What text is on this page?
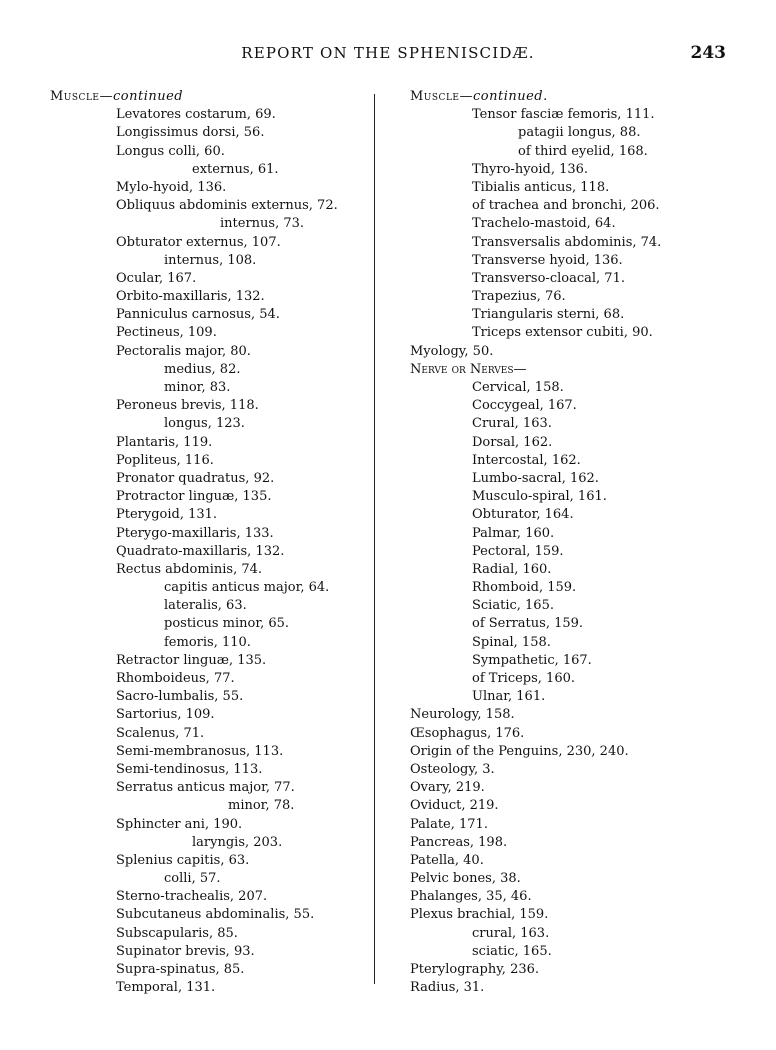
REPORT ON THE SPHENISCIDÆ.	243
Muscle—continued
Levatores costarum, 69.
Longissimus dorsi, 56.
Longus colli, 60.
externus, 61.
Mylo-hyoid, 136.
Obliquus abdominis externus, 72.
internus, 73.
Obturator externus, 107.
internus, 108.
Ocular, 167.
Orbito-maxillaris, 132.
Panniculus carnosus, 54.
Pectineus, 109.
Pectoralis major, 80.
medius, 82.
minor, 83.
Peroneus brevis, 118.
longus, 123.
Plantaris, 119.
Popliteus, 116.
Pronator quadratus, 92.
Protractor linguæ, 135.
Pterygoid, 131.
Pterygo-maxillaris, 133.
Quadrato-maxillaris, 132.
Rectus abdominis, 74.
capitis anticus major, 64.
lateralis, 63.
posticus minor, 65.
femoris, 110.
Retractor linguæ, 135.
Rhomboideus, 77.
Sacro-lumbalis, 55.
Sartorius, 109.
Scalenus, 71.
Semi-membranosus, 113.
Semi-tendinosus, 113.
Serratus anticus major, 77.
minor, 78.
Sphincter ani, 190.
laryngis, 203.
Splenius capitis, 63.
colli, 57.
Sterno-trachealis, 207.
Subcutaneus abdominalis, 55.
Subscapularis, 85.
Supinator brevis, 93.
Supra-spinatus, 85.
Temporal, 131.
Muscle—continued.
Tensor fasciæ femoris, 111.
patagii longus, 88.
of third eyelid, 168.
Thyro-hyoid, 136.
Tibialis anticus, 118.
of trachea and bronchi, 206.
Trachelo-mastoid, 64.
Transversalis abdominis, 74.
Transverse hyoid, 136.
Transverso-cloacal, 71.
Trapezius, 76.
Triangularis sterni, 68.
Triceps extensor cubiti, 90.
Myology, 50.
Nerve or Nerves—
Cervical, 158.
Coccygeal, 167.
Crural, 163.
Dorsal, 162.
Intercostal, 162.
Lumbo-sacral, 162.
Musculo-spiral, 161.
Obturator, 164.
Palmar, 160.
Pectoral, 159.
Radial, 160.
Rhomboid, 159.
Sciatic, 165.
of Serratus, 159.
Spinal, 158.
Sympathetic, 167.
of Triceps, 160.
Ulnar, 161.
Neurology, 158.
Œsophagus, 176.
Origin of the Penguins, 230, 240.
Osteology, 3.
Ovary, 219.
Oviduct, 219.
Palate, 171.
Pancreas, 198.
Patella, 40.
Pelvic bones, 38.
Phalanges, 35, 46.
Plexus brachial, 159.
crural, 163.
sciatic, 165.
Pterylography, 236.
Radius, 31.
